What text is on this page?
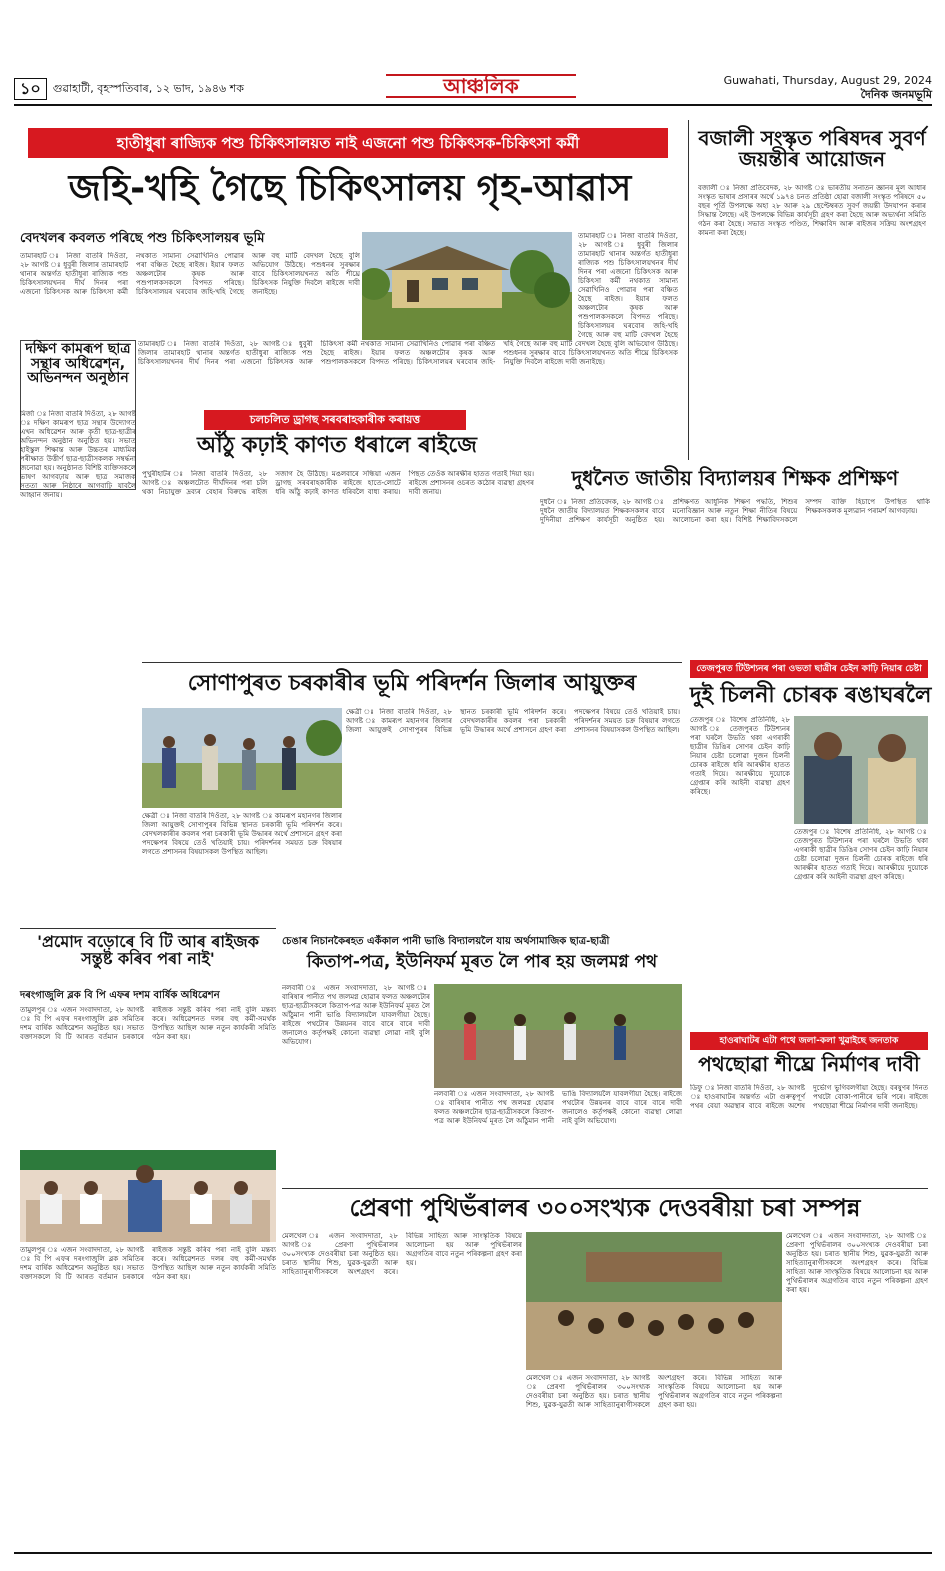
১০	গুৱাহাটী, বৃহস্পতিবাৰ, ১২ ভাদ, ১৯৪৬ শক	আঞ্চলিক	Guwahati, Thursday, August 29, 2024
দৈনিক জনমভূমি
হাতীধুৰা ৰাজ্যিক পশু চিকিৎসালয়ত নাই এজনো পশু চিকিৎসক-চিকিৎসা কৰ্মী
জহি-খহি গৈছে চিকিৎসালয় গৃহ-আৱাস
বেদখলৰ কবলত পৰিছে পশু চিকিৎসালয়ৰ ভূমি
তামাৰহাট ঃ নিজা বাতৰি দিওঁতা, ২৮ আগষ্ট ঃ ধুবুৰী জিলাৰ তামাৰহাট থানাৰ অন্তৰ্গত হাতীধুৰা ৰাজ্যিক পশু চিকিৎসালয়খনৰ দীৰ্ঘ দিনৰ পৰা এজনো চিকিৎসক আৰু চিকিৎসা কৰ্মী নথকাত সামান্য সেৱাখিনিও পোৱাৰ পৰা বঞ্চিত হৈছে ৰাইজ। ইয়াৰ ফলত অঞ্চলটোৰ কৃষক আৰু পশুপালকসকলে বিপদত পৰিছে। চিকিৎসালয়ৰ ঘৰবোৰ জহি-খহি গৈছে আৰু বহু মাটি বেদখল হৈছে বুলি অভিযোগ উঠিছে। পশুধনৰ সুৰক্ষাৰ বাবে চিকিৎসালয়খনত অতি শীঘ্ৰে চিকিৎসক নিযুক্তি দিবলৈ ৰাইজে দাবী জনাইছে।
তামাৰহাট ঃ নিজা বাতৰি দিওঁতা, ২৮ আগষ্ট ঃ ধুবুৰী জিলাৰ তামাৰহাট থানাৰ অন্তৰ্গত হাতীধুৰা ৰাজ্যিক পশু চিকিৎসালয়খনৰ দীৰ্ঘ দিনৰ পৰা এজনো চিকিৎসক আৰু চিকিৎসা কৰ্মী নথকাত সামান্য সেৱাখিনিও পোৱাৰ পৰা বঞ্চিত হৈছে ৰাইজ। ইয়াৰ ফলত অঞ্চলটোৰ কৃষক আৰু পশুপালকসকলে বিপদত পৰিছে। চিকিৎসালয়ৰ ঘৰবোৰ জহি-খহি গৈছে আৰু বহু মাটি বেদখল হৈছে
তামাৰহাট ঃ নিজা বাতৰি দিওঁতা, ২৮ আগষ্ট ঃ ধুবুৰী জিলাৰ তামাৰহাট থানাৰ অন্তৰ্গত হাতীধুৰা ৰাজ্যিক পশু চিকিৎসালয়খনৰ দীৰ্ঘ দিনৰ পৰা এজনো চিকিৎসক আৰু চিকিৎসা কৰ্মী নথকাত সামান্য সেৱাখিনিও পোৱাৰ পৰা বঞ্চিত হৈছে ৰাইজ। ইয়াৰ ফলত অঞ্চলটোৰ কৃষক আৰু পশুপালকসকলে বিপদত পৰিছে। চিকিৎসালয়ৰ ঘৰবোৰ জহি-খহি গৈছে আৰু বহু মাটি বেদখল হৈছে বুলি অভিযোগ উঠিছে। পশুধনৰ সুৰক্ষাৰ বাবে চিকিৎসালয়খনত অতি শীঘ্ৰে চিকিৎসক নিযুক্তি দিবলৈ ৰাইজে দাবী জনাইছে।
বজালী সংস্কৃত পৰিষদৰ সুবৰ্ণ জয়ন্তীৰ আয়োজন
বজালী ঃ নিজা প্ৰতিবেদক, ২৮ আগষ্ট ঃ ভাৰতীয় সনাতন জ্ঞানৰ মূল আধাৰ সংস্কৃত ভাষাৰ প্ৰসাৰৰ অৰ্থে ১৯৭৪ চনত প্ৰতিষ্ঠা হোৱা বজালী সংস্কৃত পৰিষদে ৫০ বছৰ পূৰ্তি উপলক্ষে অহা ২৮ আৰু ২৯ ছেপ্টেম্বৰত সুবৰ্ণ জয়ন্তী উদযাপন কৰাৰ সিদ্ধান্ত লৈছে। এই উপলক্ষে বিভিন্ন কাৰ্যসূচী গ্ৰহণ কৰা হৈছে আৰু অভ্যৰ্থনা সমিতি গঠন কৰা হৈছে। সভাত সংস্কৃত পণ্ডিত, শিক্ষাবিদ আৰু ৰাইজৰ সক্ৰিয় অংশগ্ৰহণ কামনা কৰা হৈছে।
দক্ষিণ কামৰূপ ছাত্ৰ সন্থাৰ অধিৱেশন, অভিনন্দন অনুষ্ঠান
মিৰ্জা ঃ নিজা বাতৰি দিওঁতা, ২৮ আগষ্ট ঃ দক্ষিণ কামৰূপ ছাত্ৰ সন্থাৰ উদ্যোগত এখন অধিৱেশন আৰু কৃতী ছাত্ৰ-ছাত্ৰীৰ অভিনন্দন অনুষ্ঠান অনুষ্ঠিত হয়। সভাত হাইস্কুল শিক্ষান্ত আৰু উচ্চতৰ মাধ্যমিক পৰীক্ষাত উত্তীৰ্ণ ছাত্ৰ-ছাত্ৰীসকলক সম্বৰ্দ্ধনা জনোৱা হয়। অনুষ্ঠানত বিশিষ্ট ব্যক্তিসকলে ভাষণ আগবঢ়ায় আৰু ছাত্ৰ সমাজক সততা আৰু নিষ্ঠাৰে আগবাঢ়ি যাবলৈ আহ্বান জনায়।
চলচলিত ড্ৰাগছ সৰবৰাহকাৰীক কৰায়ত্ত
আঁঠু কঢ়াই কাণত ধৰালে ৰাইজে
পুখুৰীহাটৰ ঃ নিজা বাতৰি দিওঁতা, ২৮ আগষ্ট ঃ অঞ্চলটোত দীৰ্ঘদিনৰ পৰা চলি থকা নিচাযুক্ত দ্ৰব্যৰ বেহাৰ বিৰুদ্ধে ৰাইজ সজাগ হৈ উঠিছে। মঙলবাৰে সন্ধিয়া এজন ড্ৰাগছ সৰবৰাহকাৰীক ৰাইজে হাতে-লোটে ধৰি আঁঠু কঢ়াই কাণত ধৰিবলৈ বাধ্য কৰায়। পিছত তেওঁক আৰক্ষীৰ হাতত গতাই দিয়া হয়। ৰাইজে প্ৰশাসনৰ ওচৰত কঠোৰ ব্যৱস্থা গ্ৰহণৰ দাবী জনায়।
দুধনৈত জাতীয় বিদ্যালয়ৰ শিক্ষক প্ৰশিক্ষণ
দুধনৈ ঃ নিজা প্ৰতিবেদক, ২৮ আগষ্ট ঃ দুধনৈ জাতীয় বিদ্যালয়ত শিক্ষকসকলৰ বাবে দুদিনীয়া প্ৰশিক্ষণ কাৰ্যসূচী অনুষ্ঠিত হয়। প্ৰশিক্ষণত আধুনিক শিক্ষণ পদ্ধতি, শিশুৰ মনোবিজ্ঞান আৰু নতুন শিক্ষা নীতিৰ বিষয়ে আলোচনা কৰা হয়। বিশিষ্ট শিক্ষাবিদসকলে সম্পদ ব্যক্তি হিচাপে উপস্থিত থাকি শিক্ষকসকলক মূল্যৱান পৰামৰ্শ আগবঢ়ায়।
সোণাপুৰত চৰকাৰীৰ ভূমি পৰিদৰ্শন জিলাৰ আয়ুক্তৰ
ক্ষেত্ৰী ঃ নিজা বাতৰি দিওঁতা, ২৮ আগষ্ট ঃ কামৰূপ মহানগৰ জিলাৰ জিলা আয়ুক্তই সোণাপুৰৰ বিভিন্ন স্থানত চৰকাৰী ভূমি পৰিদৰ্শন কৰে। বেদখলকাৰীৰ কবলৰ পৰা চৰকাৰী ভূমি উদ্ধাৰৰ অৰ্থে প্ৰশাসনে গ্ৰহণ কৰা পদক্ষেপৰ বিষয়ে তেওঁ খতিয়াই চায়। পৰিদৰ্শনৰ সময়ত চক্ৰ বিষয়াৰ লগতে প্ৰশাসনৰ বিষয়াসকল উপস্থিত আছিল।
ক্ষেত্ৰী ঃ নিজা বাতৰি দিওঁতা, ২৮ আগষ্ট ঃ কামৰূপ মহানগৰ জিলাৰ জিলা আয়ুক্তই সোণাপুৰৰ বিভিন্ন স্থানত চৰকাৰী ভূমি পৰিদৰ্শন কৰে। বেদখলকাৰীৰ কবলৰ পৰা চৰকাৰী ভূমি উদ্ধাৰৰ অৰ্থে প্ৰশাসনে গ্ৰহণ কৰা পদক্ষেপৰ বিষয়ে তেওঁ খতিয়াই চায়। পৰিদৰ্শনৰ সময়ত চক্ৰ বিষয়াৰ লগতে প্ৰশাসনৰ বিষয়াসকল উপস্থিত আছিল।
তেজপুৰত টিউশ্যনৰ পৰা ওভতা ছাত্ৰীৰ চেইন কাঢ়ি নিয়াৰ চেষ্টা
দুই চিলনী চোৰক ৰঙাঘৰলৈ
তেজপুৰ ঃ বিশেষ প্ৰতিনিধি, ২৮ আগষ্ট ঃ তেজপুৰত টিউশ্যনৰ পৰা ঘৰলৈ উভতি থকা এগৰাকী ছাত্ৰীৰ ডিঙিৰ সোণৰ চেইন কাঢ়ি নিয়াৰ চেষ্টা চলোৱা দুজন চিলনী চোৰক ৰাইজে ধৰি আৰক্ষীৰ হাতত গতাই দিয়ে। আৰক্ষীয়ে দুয়োকে গ্ৰেপ্তাৰ কৰি আইনী ব্যৱস্থা গ্ৰহণ কৰিছে।
তেজপুৰ ঃ বিশেষ প্ৰতিনিধি, ২৮ আগষ্ট ঃ তেজপুৰত টিউশ্যনৰ পৰা ঘৰলৈ উভতি থকা এগৰাকী ছাত্ৰীৰ ডিঙিৰ সোণৰ চেইন কাঢ়ি নিয়াৰ চেষ্টা চলোৱা দুজন চিলনী চোৰক ৰাইজে ধৰি আৰক্ষীৰ হাতত গতাই দিয়ে। আৰক্ষীয়ে দুয়োকে গ্ৰেপ্তাৰ কৰি আইনী ব্যৱস্থা গ্ৰহণ কৰিছে।
'প্ৰমোদ বড়োৰে বি টি আৰ ৰাইজক সন্তুষ্ট কৰিব পৰা নাই'
দৰংগাজুলি ব্লক বি পি এফৰ দশম বাৰ্ষিক অধিৱেশন
তামুলপুৰ ঃ এজন সংবাদদাতা, ২৮ আগষ্ট ঃ বি পি এফৰ দৰংগাজুলি ব্লক সমিতিৰ দশম বাৰ্ষিক অধিৱেশন অনুষ্ঠিত হয়। সভাত বক্তাসকলে বি টি আৰত বৰ্তমান চৰকাৰে ৰাইজক সন্তুষ্ট কৰিব পৰা নাই বুলি মন্তব্য কৰে। অধিৱেশনত দলৰ বহু কৰ্মী-সমৰ্থক উপস্থিত আছিল আৰু নতুন কাৰ্যকৰী সমিতি গঠন কৰা হয়।
তামুলপুৰ ঃ এজন সংবাদদাতা, ২৮ আগষ্ট ঃ বি পি এফৰ দৰংগাজুলি ব্লক সমিতিৰ দশম বাৰ্ষিক অধিৱেশন অনুষ্ঠিত হয়। সভাত বক্তাসকলে বি টি আৰত বৰ্তমান চৰকাৰে ৰাইজক সন্তুষ্ট কৰিব পৰা নাই বুলি মন্তব্য কৰে। অধিৱেশনত দলৰ বহু কৰ্মী-সমৰ্থক উপস্থিত আছিল আৰু নতুন কাৰ্যকৰী সমিতি গঠন কৰা হয়।
চেঙাৰ নিচানকৈৰহত একঁকাল পানী ভাঙি বিদ্যালয়লৈ যায় অৰ্থসামাজিক ছাত্ৰ-ছাত্ৰী
কিতাপ-পত্ৰ, ইউনিফৰ্ম মূৰত লৈ পাৰ হয় জলমগ্ন পথ
নলবাৰী ঃ এজন সংবাদদাতা, ২৮ আগষ্ট ঃ বাৰিষাৰ পানীত পথ জলমগ্ন হোৱাৰ ফলত অঞ্চলটোৰ ছাত্ৰ-ছাত্ৰীসকলে কিতাপ-পত্ৰ আৰু ইউনিফৰ্ম মূৰত লৈ আঁঠুমান পানী ভাঙি বিদ্যালয়লৈ যাবলগীয়া হৈছে। ৰাইজে পথটোৰ উন্নয়নৰ বাবে বাৰে বাৰে দাবী জনালেও কৰ্তৃপক্ষই কোনো ব্যৱস্থা লোৱা নাই বুলি অভিযোগ।
নলবাৰী ঃ এজন সংবাদদাতা, ২৮ আগষ্ট ঃ বাৰিষাৰ পানীত পথ জলমগ্ন হোৱাৰ ফলত অঞ্চলটোৰ ছাত্ৰ-ছাত্ৰীসকলে কিতাপ-পত্ৰ আৰু ইউনিফৰ্ম মূৰত লৈ আঁঠুমান পানী ভাঙি বিদ্যালয়লৈ যাবলগীয়া হৈছে। ৰাইজে পথটোৰ উন্নয়নৰ বাবে বাৰে বাৰে দাবী জনালেও কৰ্তৃপক্ষই কোনো ব্যৱস্থা লোৱা নাই বুলি অভিযোগ।
হাওৰাঘাটৰ এটা পথে জলা-কলা খুৱাইছে জনতাক
পথছোৱা শীঘ্ৰে নিৰ্মাণৰ দাবী
ডিফু ঃ নিজা বাতৰি দিওঁতা, ২৮ আগষ্ট ঃ হাওৰাঘাটৰ অন্তৰ্গত এটা গুৰুত্বপূৰ্ণ পথৰ বেয়া অৱস্থাৰ বাবে ৰাইজে অশেষ দুৰ্ভোগ ভুগিবলগীয়া হৈছে। বৰষুণৰ দিনত পথটো বোকা-পানীৰে ভৰি পৰে। ৰাইজে পথছোৱা শীঘ্ৰে নিৰ্মাণৰ দাবী জনাইছে।
প্ৰেৰণা পুথিভঁৰালৰ ৩০০সংখ্যক দেওবৰীয়া চৰা সম্পন্ন
মেলখেল ঃ এজন সংবাদদাতা, ২৮ আগষ্ট ঃ প্ৰেৰণা পুথিভঁৰালৰ ৩০০সংখ্যক দেওবৰীয়া চৰা অনুষ্ঠিত হয়। চৰাত স্থানীয় শিশু, যুৱক-যুৱতী আৰু সাহিত্যানুৰাগীসকলে অংশগ্ৰহণ কৰে। বিভিন্ন সাহিত্য আৰু সাংস্কৃতিক বিষয়ে আলোচনা হয় আৰু পুথিভঁৰালৰ অগ্ৰগতিৰ বাবে নতুন পৰিকল্পনা গ্ৰহণ কৰা হয়।
মেলখেল ঃ এজন সংবাদদাতা, ২৮ আগষ্ট ঃ প্ৰেৰণা পুথিভঁৰালৰ ৩০০সংখ্যক দেওবৰীয়া চৰা অনুষ্ঠিত হয়। চৰাত স্থানীয় শিশু, যুৱক-যুৱতী আৰু সাহিত্যানুৰাগীসকলে অংশগ্ৰহণ কৰে। বিভিন্ন সাহিত্য আৰু সাংস্কৃতিক বিষয়ে আলোচনা হয় আৰু পুথিভঁৰালৰ অগ্ৰগতিৰ বাবে নতুন পৰিকল্পনা গ্ৰহণ কৰা হয়।
মেলখেল ঃ এজন সংবাদদাতা, ২৮ আগষ্ট ঃ প্ৰেৰণা পুথিভঁৰালৰ ৩০০সংখ্যক দেওবৰীয়া চৰা অনুষ্ঠিত হয়। চৰাত স্থানীয় শিশু, যুৱক-যুৱতী আৰু সাহিত্যানুৰাগীসকলে অংশগ্ৰহণ কৰে। বিভিন্ন সাহিত্য আৰু সাংস্কৃতিক বিষয়ে আলোচনা হয় আৰু পুথিভঁৰালৰ অগ্ৰগতিৰ বাবে নতুন পৰিকল্পনা গ্ৰহণ কৰা হয়।
